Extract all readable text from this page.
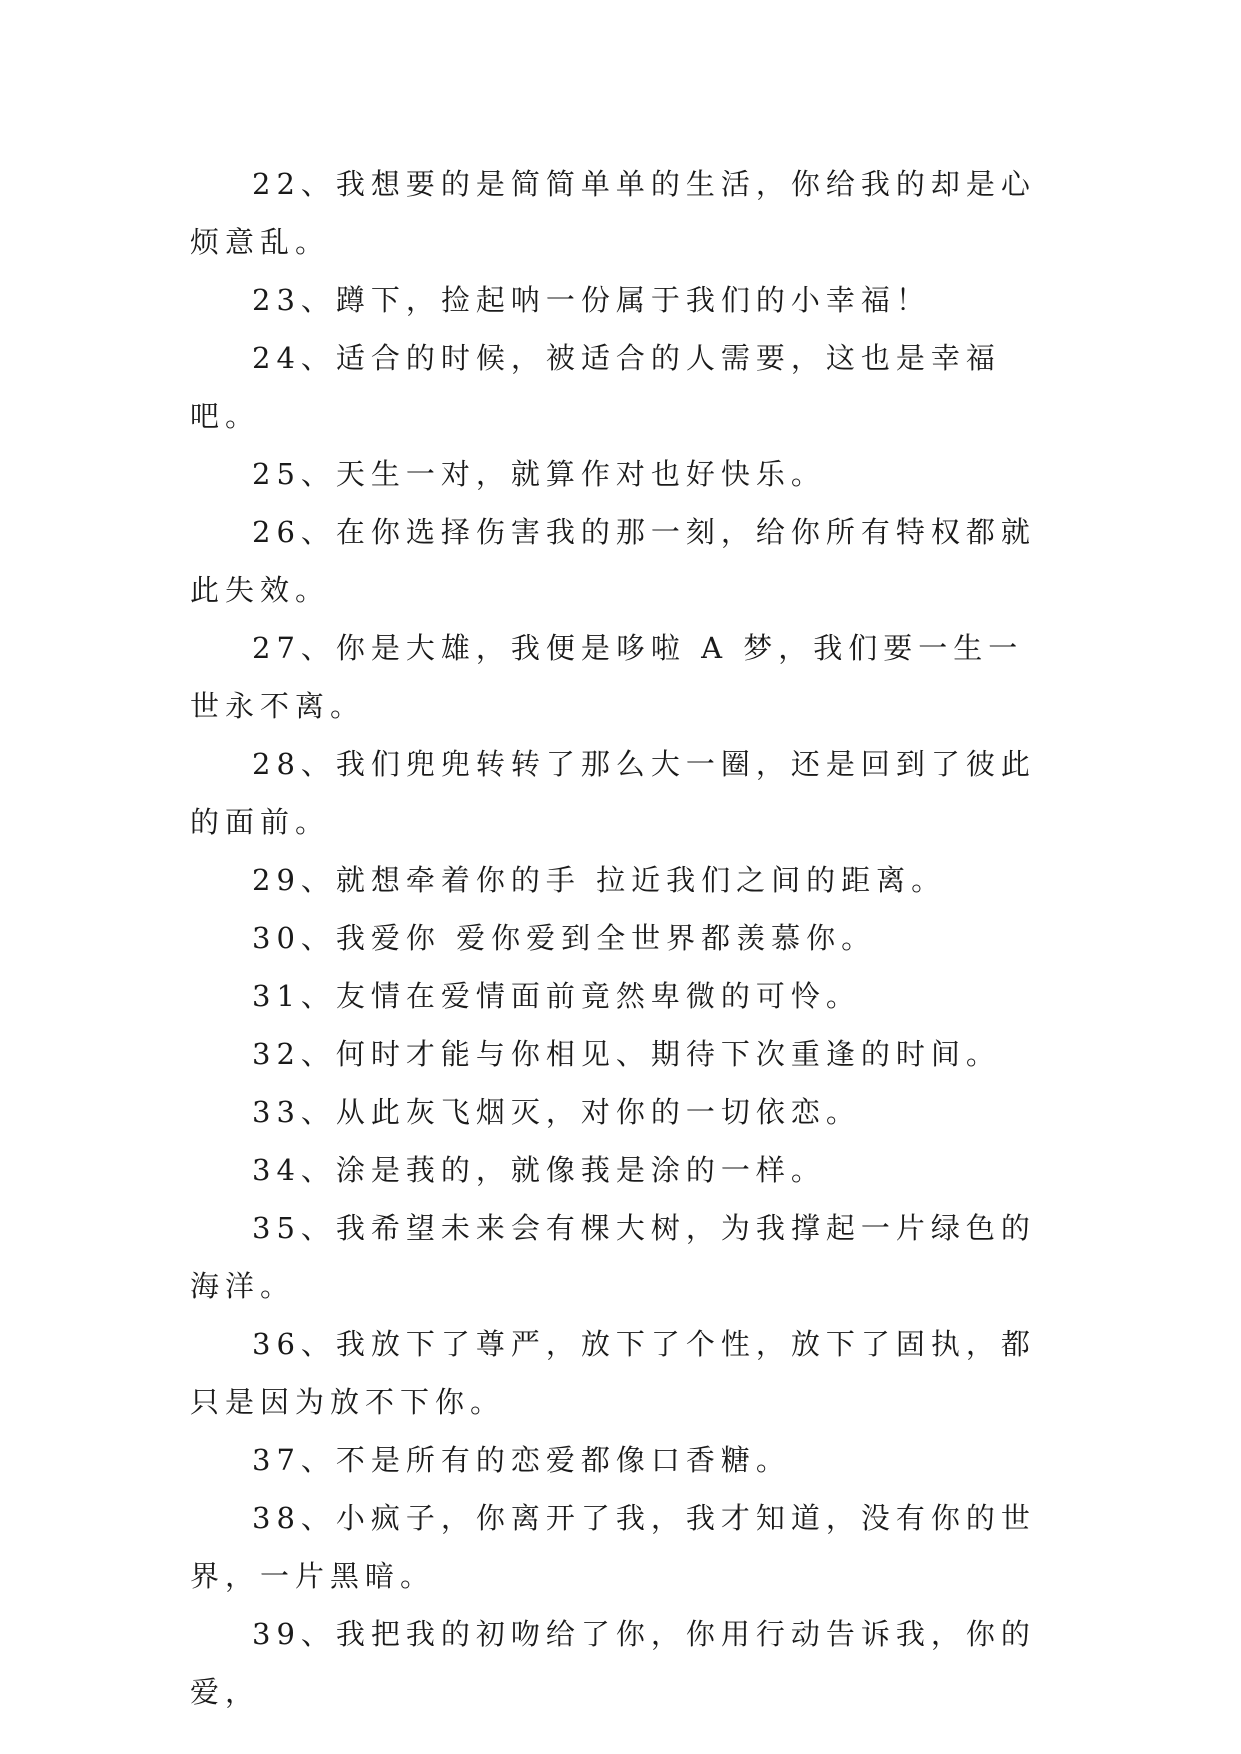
22、我想要的是简简单单的生活，你给我的却是心烦意乱。

23、蹲下，捡起呐一份属于我们的小幸福！

24、适合的时候，被适合的人需要，这也是幸福吧。

25、天生一对，就算作对也好快乐。

26、在你选择伤害我的那一刻，给你所有特权都就此失效。

27、你是大雄，我便是哆啦 A 梦，我们要一生一世永不离。

28、我们兜兜转转了那么大一圈，还是回到了彼此的面前。

29、就想牵着你的手 拉近我们之间的距离。

30、我爱你 爱你爱到全世界都羡慕你。

31、友情在爱情面前竟然卑微的可怜。

32、何时才能与你相见、期待下次重逢的时间。

33、从此灰飞烟灭，对你的一切依恋。

34、涂是莪的，就像莪是涂的一样。

35、我希望未来会有棵大树，为我撑起一片绿色的海洋。

36、我放下了尊严，放下了个性，放下了固执，都只是因为放不下你。

37、不是所有的恋爱都像口香糖。

38、小疯子，你离开了我，我才知道，没有你的世界，一片黑暗。

39、我把我的初吻给了你，你用行动告诉我，你的爱，
